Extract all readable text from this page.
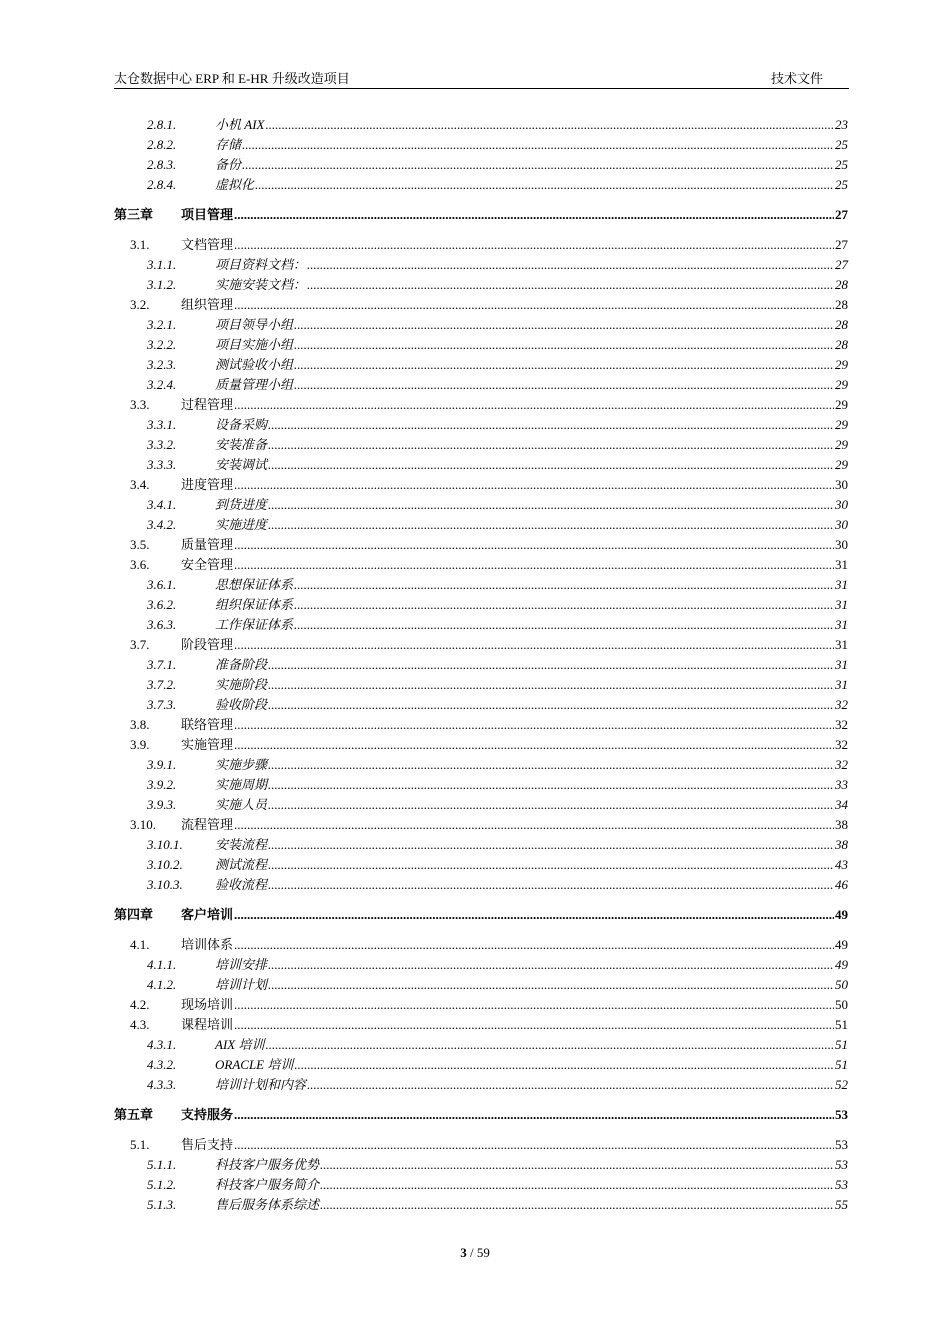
太仓数据中心 ERP 和 E-HR 升级改造项目	技术文件
2.8.1.	小机 AIX .....	23
2.8.2.	存储 .....	25
2.8.3.	备份 .....	25
2.8.4.	虚拟化 .....	25
第三章	项目管理 .....	27
3.1.	文档管理 .....	27
3.1.1.	项目资料文档： .....	27
3.1.2.	实施安装文档： .....	28
3.2.	组织管理 .....	28
3.2.1.	项目领导小组 .....	28
3.2.2.	项目实施小组 .....	28
3.2.3.	测试验收小组 .....	29
3.2.4.	质量管理小组 .....	29
3.3.	过程管理 .....	29
3.3.1.	设备采购 .....	29
3.3.2.	安装准备 .....	29
3.3.3.	安装调试 .....	29
3.4.	进度管理 .....	30
3.4.1.	到货进度 .....	30
3.4.2.	实施进度 .....	30
3.5.	质量管理 .....	30
3.6.	安全管理 .....	31
3.6.1.	思想保证体系 .....	31
3.6.2.	组织保证体系 .....	31
3.6.3.	工作保证体系 .....	31
3.7.	阶段管理 .....	31
3.7.1.	准备阶段 .....	31
3.7.2.	实施阶段 .....	31
3.7.3.	验收阶段 .....	32
3.8.	联络管理 .....	32
3.9.	实施管理 .....	32
3.9.1.	实施步骤 .....	32
3.9.2.	实施周期 .....	33
3.9.3.	实施人员 .....	34
3.10.	流程管理 .....	38
3.10.1.	安装流程 .....	38
3.10.2.	测试流程 .....	43
3.10.3.	验收流程 .....	46
第四章	客户培训 .....	49
4.1.	培训体系 .....	49
4.1.1.	培训安排 .....	49
4.1.2.	培训计划 .....	50
4.2.	现场培训 .....	50
4.3.	课程培训 .....	51
4.3.1.	AIX 培训 .....	51
4.3.2.	ORACLE 培训 .....	51
4.3.3.	培训计划和内容 .....	52
第五章	支持服务 .....	53
5.1.	售后支持 .....	53
5.1.1.	科技客户服务优势 .....	53
5.1.2.	科技客户服务简介 .....	53
5.1.3.	售后服务体系综述 .....	55
3 / 59
